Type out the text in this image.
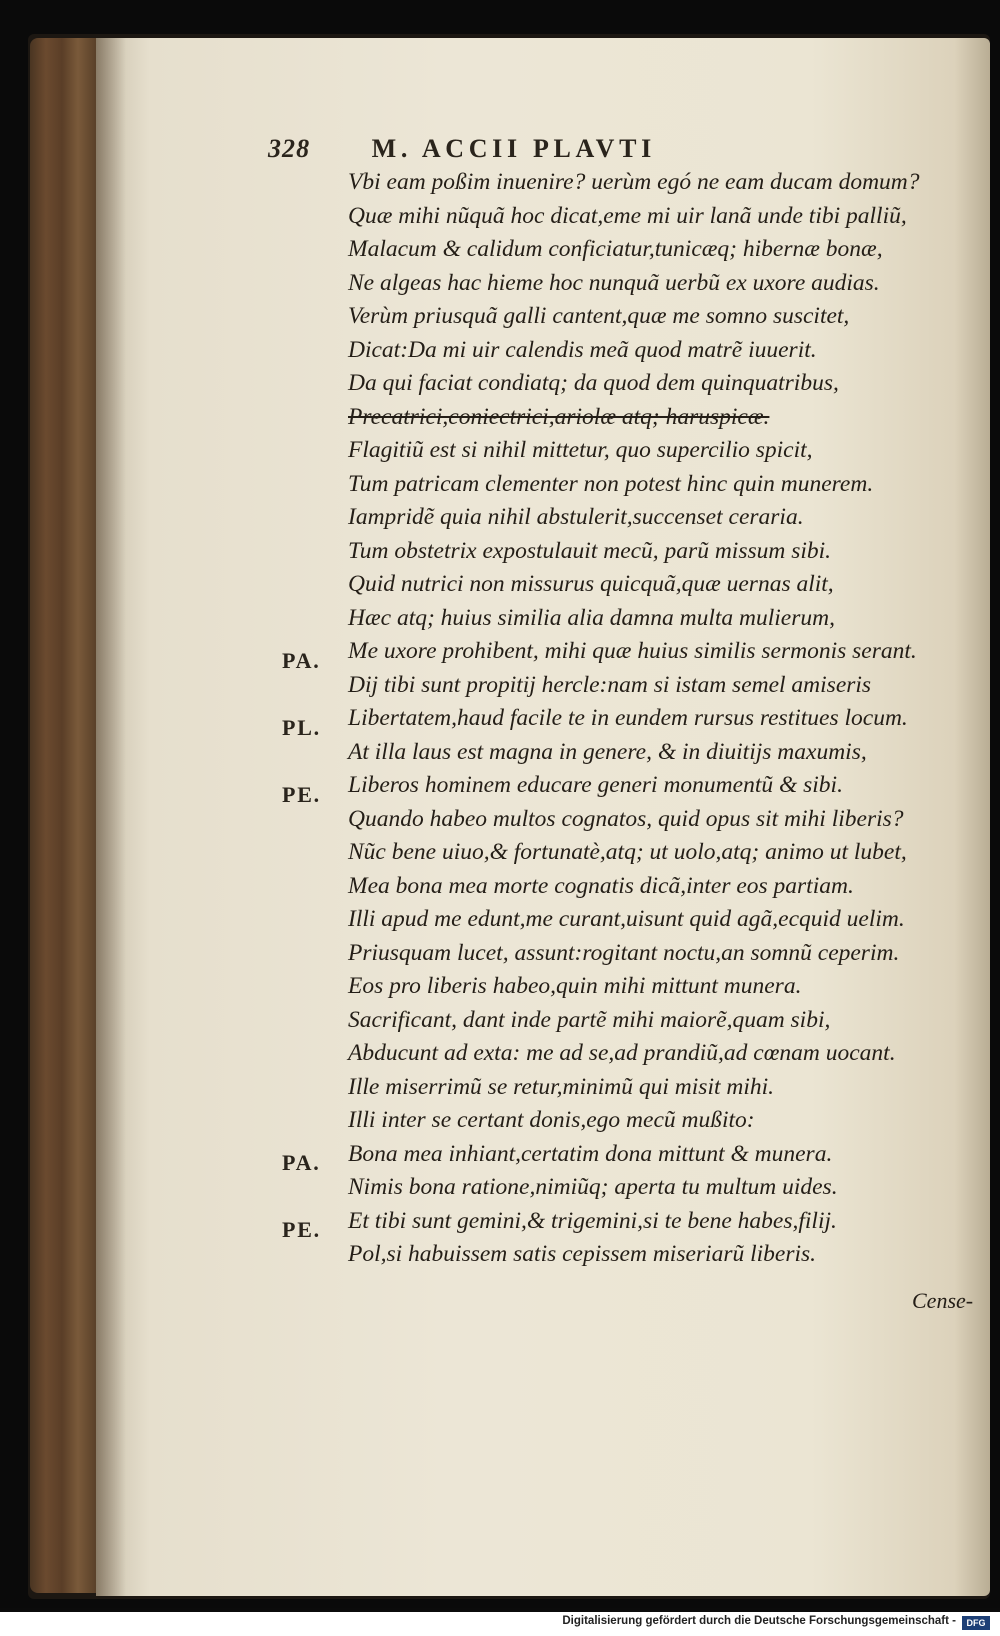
328 M. ACCII PLAVTI
PA.
PL.
PE.
PA.
PE.
Vbi eam poßim inuenire? uerùm egó ne eam ducam domum?
Quæ mihi nũquã hoc dicat,eme mi uir lanã unde tibi palliũ,
Malacum & calidum conficiatur,tunicæq; hibernæ bonæ,
Ne algeas hac hieme hoc nunquã uerbũ ex uxore audias.
Verùm priusquã galli cantent,quæ me somno suscitet,
Dicat:Da mi uir calendis meã quod matrẽ iuuerit.
Da qui faciat condiatq; da quod dem quinquatribus,
Precatrici,coniectrici,ariolæ atq; haruspicæ.
Flagitiũ est si nihil mittetur, quo supercilio spicit,
Tum patricam clementer non potest hinc quin munerem.
Iampridẽ quia nihil abstulerit,succenset ceraria.
Tum obstetrix expostulauit mecũ, parũ missum sibi.
Quid nutrici non missurus quicquã,quæ uernas alit,
Hæc atq; huius similia alia damna multa mulierum,
Me uxore prohibent, mihi quæ huius similis sermonis serant.
Dij tibi sunt propitij hercle:nam si istam semel amiseris
Libertatem,haud facile te in eundem rursus restitues locum.
At illa laus est magna in genere, & in diuitijs maxumis,
Liberos hominem educare generi monumentũ & sibi.
Quando habeo multos cognatos, quid opus sit mihi liberis?
Nũc bene uiuo,& fortunatè,atq; ut uolo,atq; animo ut lubet,
Mea bona mea morte cognatis dicã,inter eos partiam.
Illi apud me edunt,me curant,uisunt quid agã,ecquid uelim.
Priusquam lucet, assunt:rogitant noctu,an somnũ ceperim.
Eos pro liberis habeo,quin mihi mittunt munera.
Sacrificant, dant inde partẽ mihi maiorẽ,quam sibi,
Abducunt ad exta: me ad se,ad prandiũ,ad cœnam uocant.
Ille miserrimũ se retur,minimũ qui misit mihi.
Illi inter se certant donis,ego mecũ mußito:
Bona mea inhiant,certatim dona mittunt & munera.
Nimis bona ratione,nimiũq; aperta tu multum uides.
Et tibi sunt gemini,& trigemini,si te bene habes,filij.
Pol,si habuissem satis cepissem miseriarũ liberis.
Cense-
Digitalisierung gefördert durch die Deutsche Forschungsgemeinschaft -	DFG
